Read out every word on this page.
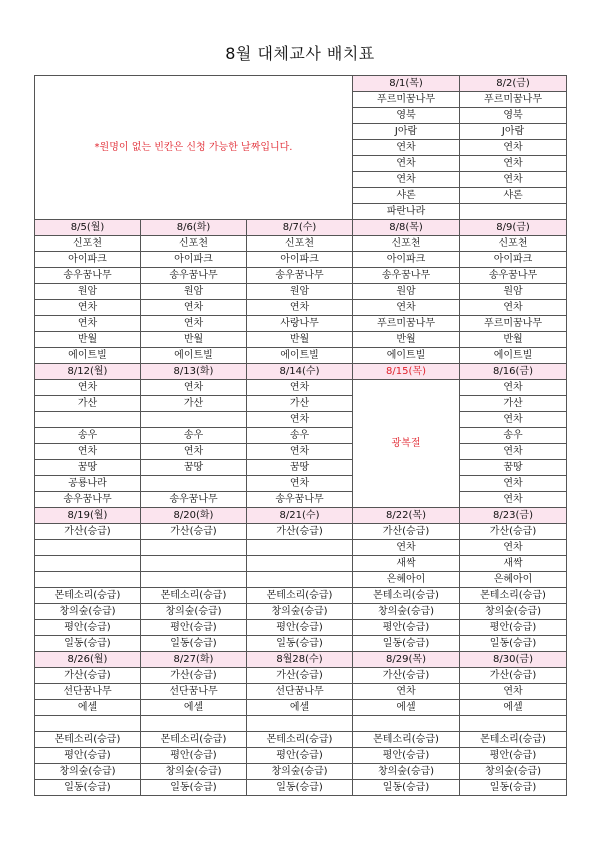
8월 대체교사 배치표
*원명이 없는 빈칸은 신청 가능한 날짜입니다.			8/1(목)	8/2(금)
			푸르미꿈나무	푸르미꿈나무
			영북	영북
			J아람	J아람
			연차	연차
			연차	연차
			연차	연차
			샤론	샤론
			파란나라	
8/5(월)	8/6(화)	8/7(수)	8/8(목)	8/9(금)
신포천	신포천	신포천	신포천	신포천
아이파크	아이파크	아이파크	아이파크	아이파크
송우꿈나무	송우꿈나무	송우꿈나무	송우꿈나무	송우꿈나무
원암	원암	원암	원암	원암
연차	연차	연차	연차	연차
연차	연차	사랑나무	푸르미꿈나무	푸르미꿈나무
반월	반월	반월	반월	반월
에이트빌	에이트빌	에이트빌	에이트빌	에이트빌
8/12(월)	8/13(화)	8/14(수)	8/15(목)	8/16(금)
연차	연차	연차	광복절	연차
가산	가산	가산		가산
		연차		연차
송우	송우	송우		송우
연차	연차	연차		연차
꿈땅	꿈땅	꿈땅		꿈땅
공룡나라		연차		연차
송우꿈나무	송우꿈나무	송우꿈나무		연차
8/19(월)	8/20(화)	8/21(수)	8/22(목)	8/23(금)
가산(승급)	가산(승급)	가산(승급)	가산(승급)	가산(승급)
			연차	연차
			새싹	새싹
			은혜아이	은혜아이
몬테소리(승급)	몬테소리(승급)	몬테소리(승급)	몬테소리(승급)	몬테소리(승급)
창의숲(승급)	창의숲(승급)	창의숲(승급)	창의숲(승급)	창의숲(승급)
평안(승급)	평안(승급)	평안(승급)	평안(승급)	평안(승급)
일동(승급)	일동(승급)	일동(승급)	일동(승급)	일동(승급)
8/26(월)	8/27(화)	8월28(수)	8/29(목)	8/30(금)
가산(승급)	가산(승급)	가산(승급)	가산(승급)	가산(승급)
선단꿈나무	선단꿈나무	선단꿈나무	연차	연차
에셀	에셀	에셀	에셀	에셀

몬테소리(승급)	몬테소리(승급)	몬테소리(승급)	몬테소리(승급)	몬테소리(승급)
평안(승급)	평안(승급)	평안(승급)	평안(승급)	평안(승급)
창의숲(승급)	창의숲(승급)	창의숲(승급)	창의숲(승급)	창의숲(승급)
일동(승급)	일동(승급)	일동(승급)	일동(승급)	일동(승급)
